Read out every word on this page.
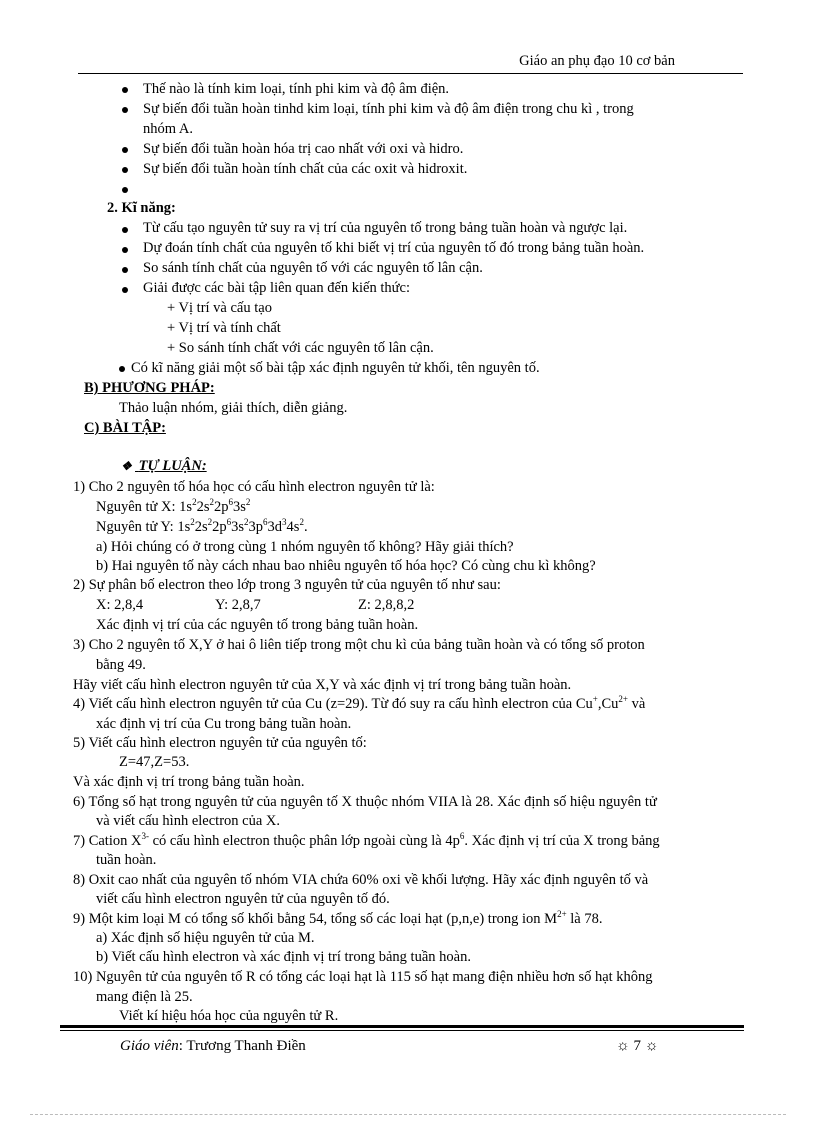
Giáo an phụ đạo 10 cơ bản
Thế nào là tính kim loại, tính phi kim và độ âm điện.
Sự biến đổi tuần hoàn tinhd kim loại, tính phi kim và độ âm điện trong chu kì , trong
nhóm A.
Sự biến đổi tuần hoàn hóa trị cao nhất với oxi và hidro.
Sự biến đổi tuần hoàn tính chất của các oxit và hidroxit.
2. Kĩ năng:
Từ cấu tạo nguyên tử suy ra vị trí của nguyên tố trong bảng tuần hoàn và ngược lại.
Dự đoán tính chất của nguyên tố khi biết vị trí của nguyên tố đó trong bảng tuần hoàn.
So sánh tính chất của nguyên tố với các nguyên tố lân cận.
Giải được các bài tập liên quan đến kiến thức:
+ Vị trí và cấu tạo
+ Vị trí và tính chất
+ So sánh tính chất với các nguyên tố lân cận.
Có kĩ năng giải một số bài tập xác định nguyên tử khối, tên nguyên tố.
B) PHƯƠNG PHÁP:
Thảo luận nhóm, giải thích, diễn giảng.
C) BÀI TẬP:
❖ TỰ LUẬN:
1) Cho 2 nguyên tố hóa học có cấu hình electron nguyên tử là:
Nguyên tử X: $1s^22s^22p^63s^2$
Nguyên tử Y: $1s^22s^22p^63s^23p^63d^34s^2$.
a) Hỏi chúng có ở trong cùng 1 nhóm nguyên tố không? Hãy giải thích?
b) Hai nguyên tố này cách nhau bao nhiêu nguyên tố hóa học? Có cùng chu kì không?
2) Sự phân bố electron theo lớp trong 3 nguyên tử của nguyên tố như sau:
X: 2,8,4	Y: 2,8,7	Z: 2,8,8,2
Xác định vị trí của các nguyên tố trong bảng tuần hoàn.
3) Cho 2 nguyên tố X,Y ở hai ô liên tiếp trong một chu kì của bảng tuần hoàn và có tổng số proton
bằng 49.
Hãy viết cấu hình electron nguyên tử của X,Y và xác định vị trí trong bảng tuần hoàn.
4) Viết cấu hình electron nguyên tử của Cu (z=29). Từ đó suy ra cấu hình electron của $Cu^+,Cu^{2+}$ và
xác định vị trí của Cu trong bảng tuần hoàn.
5) Viết cấu hình electron nguyên tử của nguyên tố:
Z=47,Z=53.
Và xác định vị trí trong bảng tuần hoàn.
6) Tổng số hạt trong nguyên tử của nguyên tố X thuộc nhóm VIIA là 28. Xác định số hiệu nguyên tử
và viết cấu hình electron của X.
7) Cation $X^{3-}$ có cấu hình electron thuộc phân lớp ngoài cùng là $4p^6$. Xác định vị trí của X trong bảng
tuần hoàn.
8) Oxit cao nhất của nguyên tố nhóm VIA chứa 60% oxi về khối lượng. Hãy xác định nguyên tố và
viết cấu hình electron nguyên tử của nguyên tố đó.
9) Một kim loại M có tổng số khối bằng 54, tổng số các loại hạt (p,n,e) trong ion $M^{2+}$ là 78.
a) Xác định số hiệu nguyên tử của M.
b) Viết cấu hình electron và xác định vị trí trong bảng tuần hoàn.
10) Nguyên tử của nguyên tố R có tổng các loại hạt là 115 số hạt mang điện nhiều hơn số hạt không
mang điện là 25.
Viết kí hiệu hóa học của nguyên tử R.
Giáo viên: Trương Thanh Điền	☼ 7 ☼
